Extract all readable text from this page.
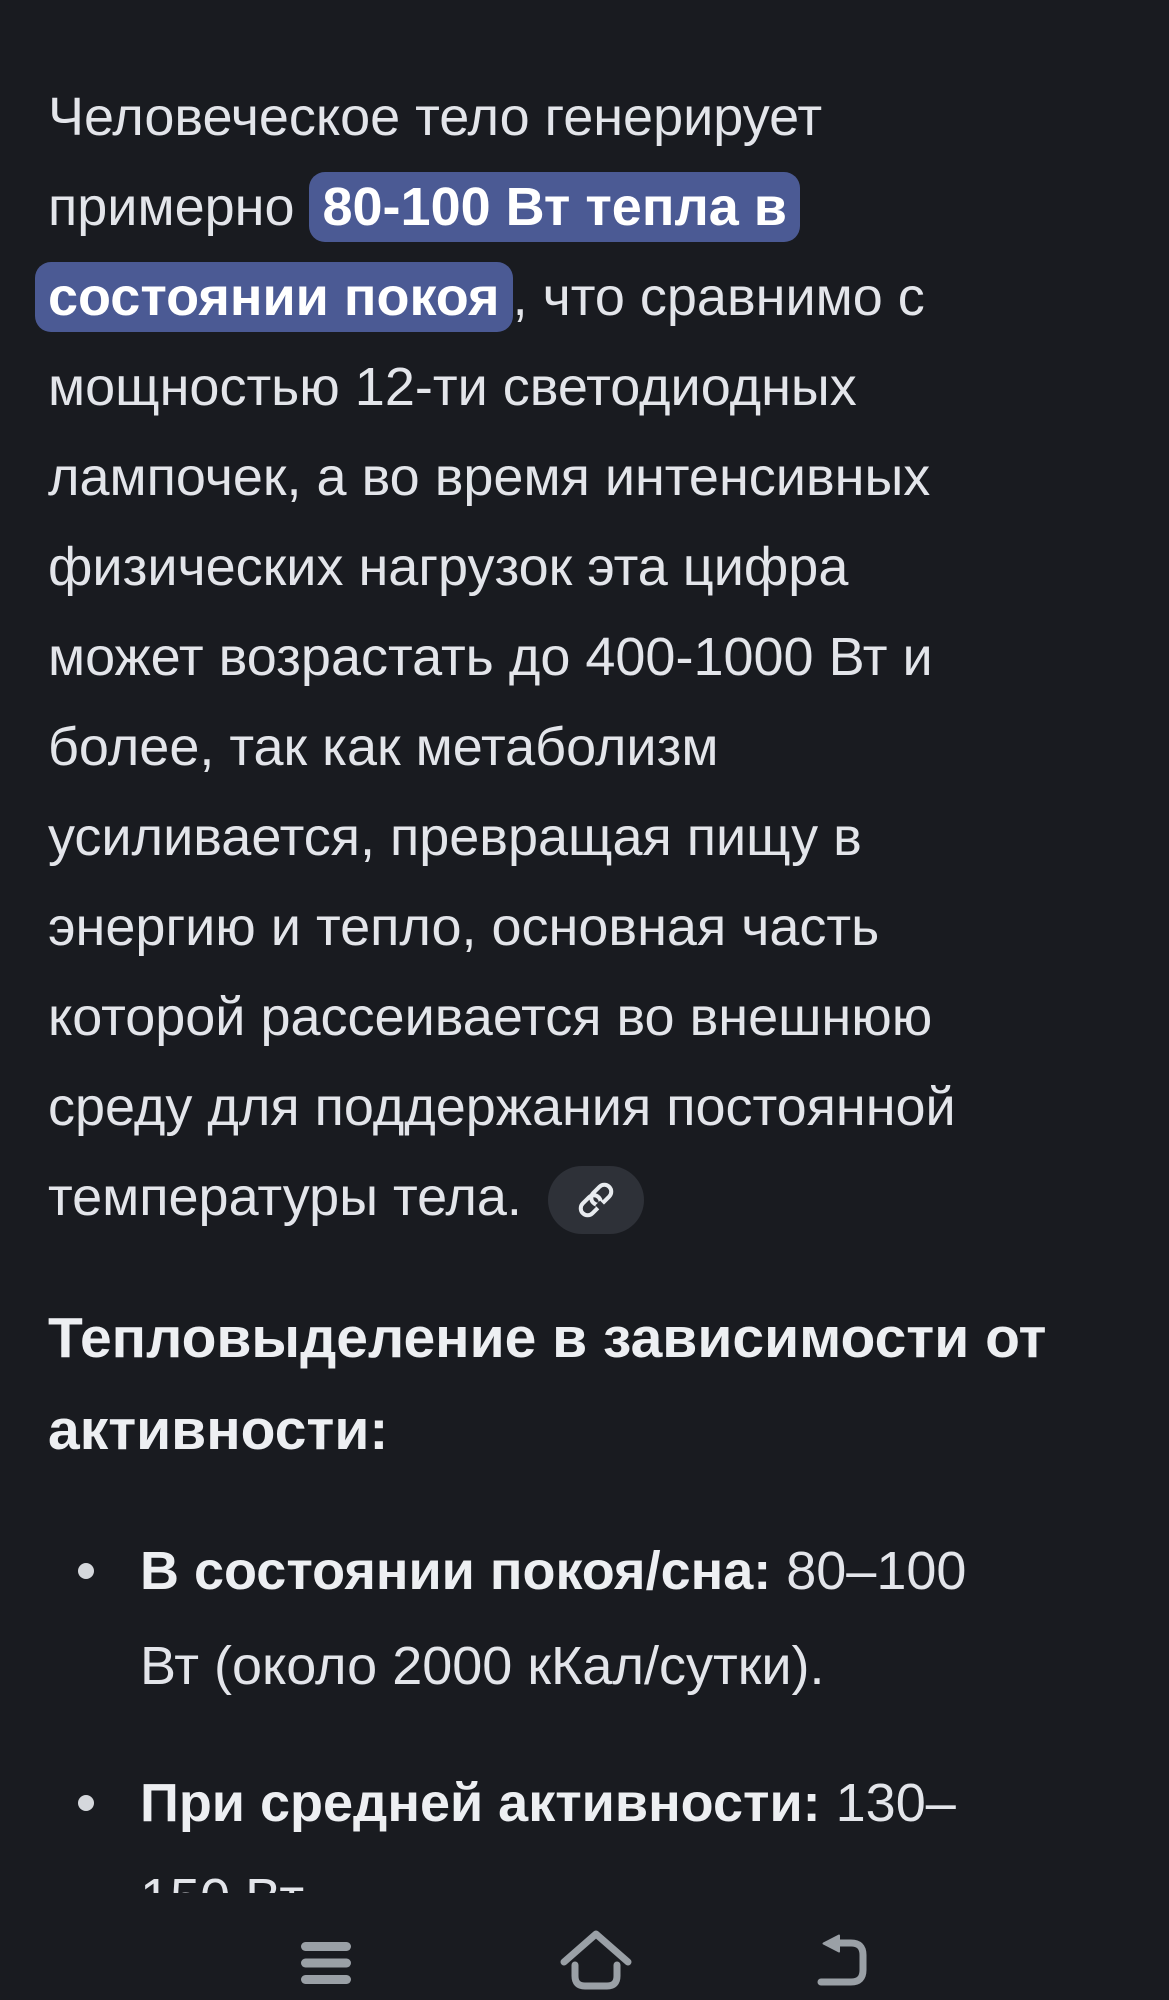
Человеческое тело генерирует
примерно 80-100 Вт тепла в
состоянии покоя , что сравнимо с
мощностью 12-ти светодиодных
лампочек, а во время интенсивных
физических нагрузок эта цифра
может возрастать до 400-1000 Вт и
более, так как метаболизм
усиливается, превращая пищу в
энергию и тепло, основная часть
которой рассеивается во внешнюю
среду для поддержания постоянной
температуры тела.
Тепловыделение в зависимости от
активности:
В состоянии покоя/сна: 80–100
Вт (около 2000 кКал/сутки).
При средней активности: 130–
